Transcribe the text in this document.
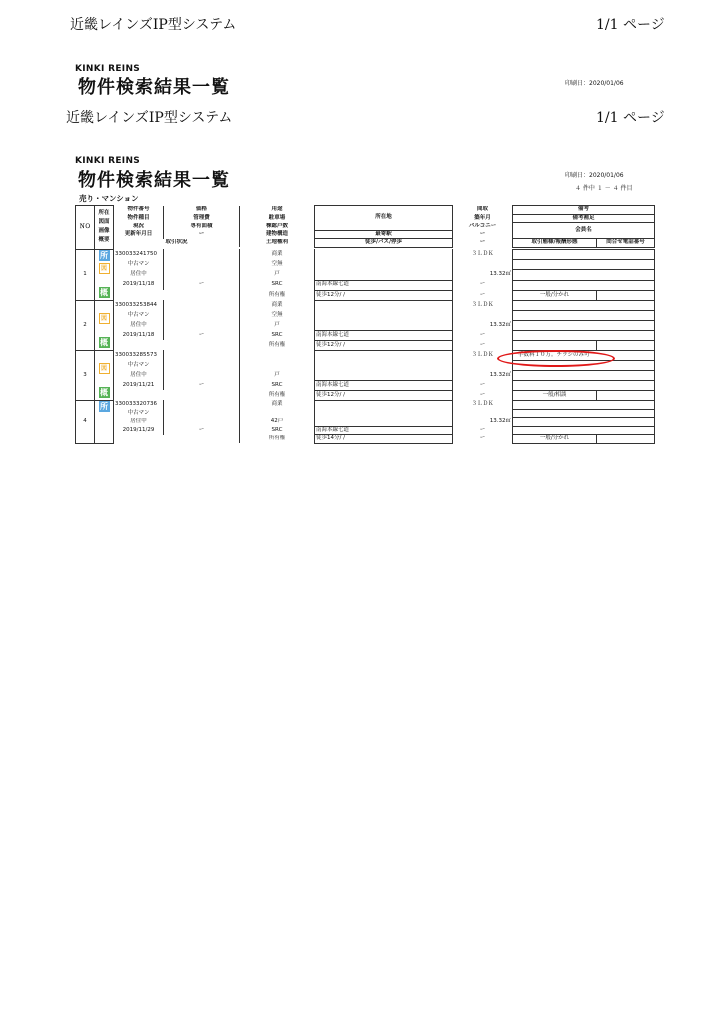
近畿レインズIP型システム	1/1 ページ
KINKI REINS
物件検索結果一覧	印刷日：2020/01/06
近畿レインズIP型システム	1/1 ページ
KINKI REINS
物件検索結果一覧	印刷日：2020/01/06
４ 件中 １ － ４ 件目
売り・マンション
ＮＯ	所在
図面
画像
概要	物件番号	価格	用途	所在地	間取	備考	
		物件種目	管理費	駐車場		築年月	備考補足	
		現況	専有面積	棟総戸数		バルコニー	会員名	
		更新年月日	ー	建物構造	最寄駅	ー		
		取引状況		土地権利	徒歩/バス/停歩	ー	取引態様/報酬形態	問合せ電話番号

1	所
図

概	330033241750		商業		３ＬＤＫ		
		中古マン		空無				
		居住中		戸		13.32㎡		
		2019/11/18	ー	SRC	南海本線七道	ー		
				所有権	徒歩12分/ /	ー	一般/分かれ	
2	図

概	330033253844		商業		３ＬＤＫ		
		中古マン		空無				
		居住中		戸		13.32㎡		
		2019/11/18	ー	SRC	南海本線七道	ー		
				所有権	徒歩12分/ /	ー		
3	図

概	330033285573				３ＬＤＫ	手数料１０万。チラシのみ可	
		中古マン						
		居住中		戸		13.32㎡		
		2019/11/21	ー	SRC	南海本線七道	ー		
				所有権	徒歩12分/ /	ー	一般/相談	
4	所	330033320736		商業		３ＬＤＫ		
		中古マン						
		居住中		42戸		13.32㎡		
		2019/11/29	ー	SRC	南海本線七道	ー		
				所有権	徒歩14分/ /	ー	一般/分かれ	
